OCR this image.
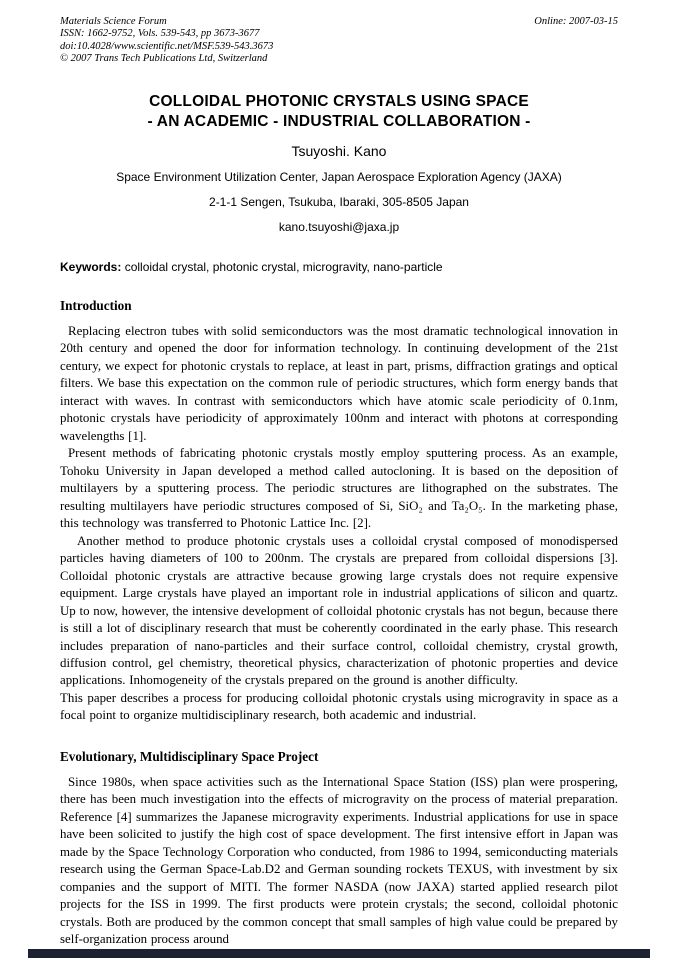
Materials Science Forum
ISSN: 1662-9752, Vols. 539-543, pp 3673-3677
doi:10.4028/www.scientific.net/MSF.539-543.3673
© 2007 Trans Tech Publications Ltd, Switzerland
Online: 2007-03-15
COLLOIDAL PHOTONIC CRYSTALS USING SPACE
- AN ACADEMIC - INDUSTRIAL COLLABORATION -
Tsuyoshi. Kano
Space Environment Utilization Center, Japan Aerospace Exploration Agency (JAXA)
2-1-1 Sengen, Tsukuba, Ibaraki, 305-8505 Japan
kano.tsuyoshi@jaxa.jp

Keywords: colloidal crystal, photonic crystal, microgravity, nano-particle

Introduction

Replacing electron tubes with solid semiconductors was the most dramatic technological innovation in 20th century and opened the door for information technology. In continuing development of the 21st century, we expect for photonic crystals to replace, at least in part, prisms, diffraction gratings and optical filters. We base this expectation on the common rule of periodic structures, which form energy bands that interact with waves. In contrast with semiconductors which have atomic scale periodicity of 0.1nm, photonic crystals have periodicity of approximately 100nm and interact with photons at corresponding wavelengths [1].

Present methods of fabricating photonic crystals mostly employ sputtering process. As an example, Tohoku University in Japan developed a method called autocloning. It is based on the deposition of multilayers by a sputtering process. The periodic structures are lithographed on the substrates. The resulting multilayers have periodic structures composed of Si, SiO₂ and Ta₂O₅. In the marketing phase, this technology was transferred to Photonic Lattice Inc. [2].

Another method to produce photonic crystals uses a colloidal crystal composed of monodispersed particles having diameters of 100 to 200nm. The crystals are prepared from colloidal dispersions [3]. Colloidal photonic crystals are attractive because growing large crystals does not require expensive equipment. Large crystals have played an important role in industrial applications of silicon and quartz. Up to now, however, the intensive development of colloidal photonic crystals has not begun, because there is still a lot of disciplinary research that must be coherently coordinated in the early phase. This research includes preparation of nano-particles and their surface control, colloidal chemistry, crystal growth, diffusion control, gel chemistry, theoretical physics, characterization of photonic properties and device applications. Inhomogeneity of the crystals prepared on the ground is another difficulty.

This paper describes a process for producing colloidal photonic crystals using microgravity in space as a focal point to organize multidisciplinary research, both academic and industrial.

Evolutionary, Multidisciplinary Space Project

Since 1980s, when space activities such as the International Space Station (ISS) plan were prospering, there has been much investigation into the effects of microgravity on the process of material preparation. Reference [4] summarizes the Japanese microgravity experiments. Industrial applications for use in space have been solicited to justify the high cost of space development. The first intensive effort in Japan was made by the Space Technology Corporation who conducted, from 1986 to 1994, semiconducting materials research using the German Space-Lab.D2 and German sounding rockets TEXUS, with investment by six companies and the support of MITI. The former NASDA (now JAXA) started applied research pilot projects for the ISS in 1999. The first products were protein crystals; the second, colloidal photonic crystals. Both are produced by the common concept that small samples of high value could be prepared by self-organization process around
